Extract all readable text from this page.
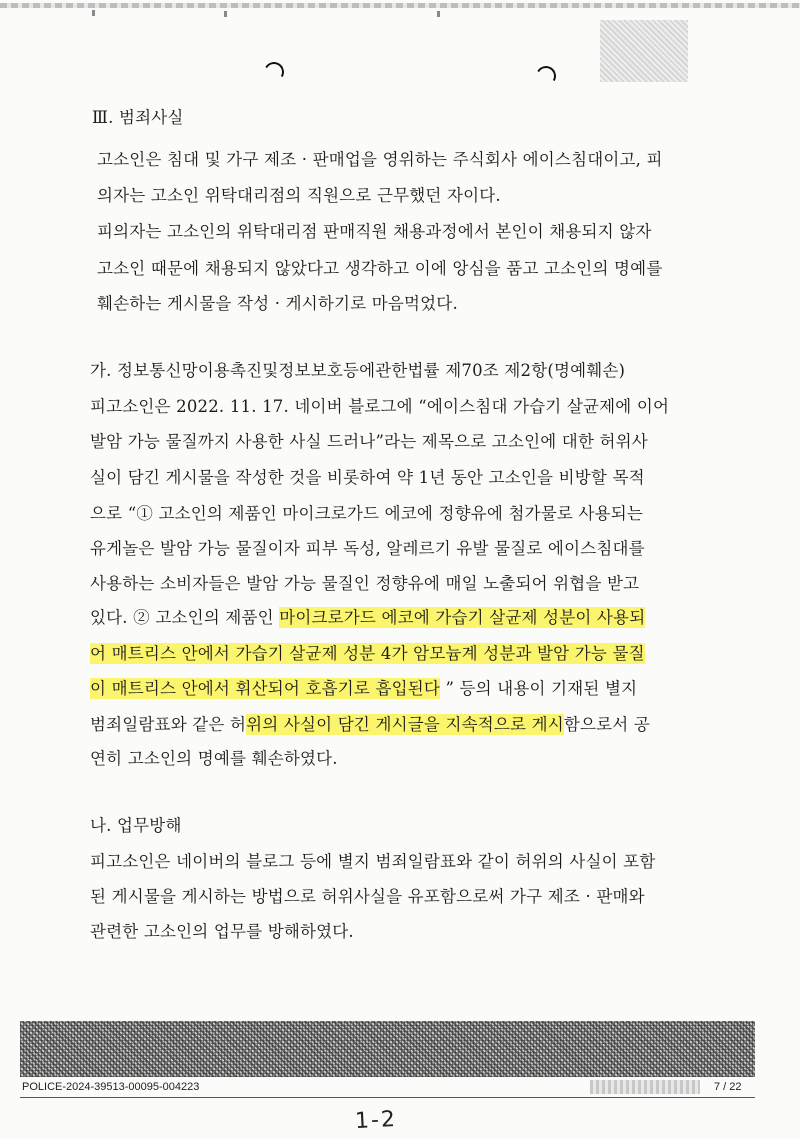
Ⅲ. 범죄사실
고소인은 침대 및 가구 제조 · 판매업을 영위하는 주식회사 에이스침대이고, 피
의자는 고소인 위탁대리점의 직원으로 근무했던 자이다.
피의자는 고소인의 위탁대리점 판매직원 채용과정에서 본인이 채용되지 않자
고소인 때문에 채용되지 않았다고 생각하고 이에 앙심을 품고 고소인의 명예를
훼손하는 게시물을 작성 · 게시하기로 마음먹었다.
가. 정보통신망이용촉진및정보보호등에관한법률 제70조 제2항(명예훼손)
피고소인은 2022. 11. 17. 네이버 블로그에 “에이스침대 가습기 살균제에 이어
발암 가능 물질까지 사용한 사실 드러나”라는 제목으로 고소인에 대한 허위사
실이 담긴 게시물을 작성한 것을 비롯하여 약 1년 동안 고소인을 비방할 목적
으로 “① 고소인의 제품인 마이크로가드 에코에 정향유에 첨가물로 사용되는
유게놀은 발암 가능 물질이자 피부 독성, 알레르기 유발 물질로 에이스침대를
사용하는 소비자들은 발암 가능 물질인 정향유에 매일 노출되어 위협을 받고
있다. ② 고소인의 제품인 마이크로가드 에코에 가습기 살균제 성분이 사용되
어 매트리스 안에서 가습기 살균제 성분 4가 암모늄계 성분과 발암 가능 물질
이 매트리스 안에서 휘산되어 호흡기로 흡입된다 ” 등의 내용이 기재된 별지
범죄일람표와 같은 허위의 사실이 담긴 게시글을 지속적으로 게시함으로서 공
연히 고소인의 명예를 훼손하였다.
나. 업무방해
피고소인은 네이버의 블로그 등에 별지 범죄일람표와 같이 허위의 사실이 포함
된 게시물을 게시하는 방법으로 허위사실을 유포함으로써 가구 제조 · 판매와
관련한 고소인의 업무를 방해하였다.
POLICE-2024-39513-00095-004223	7 / 22
1-2
